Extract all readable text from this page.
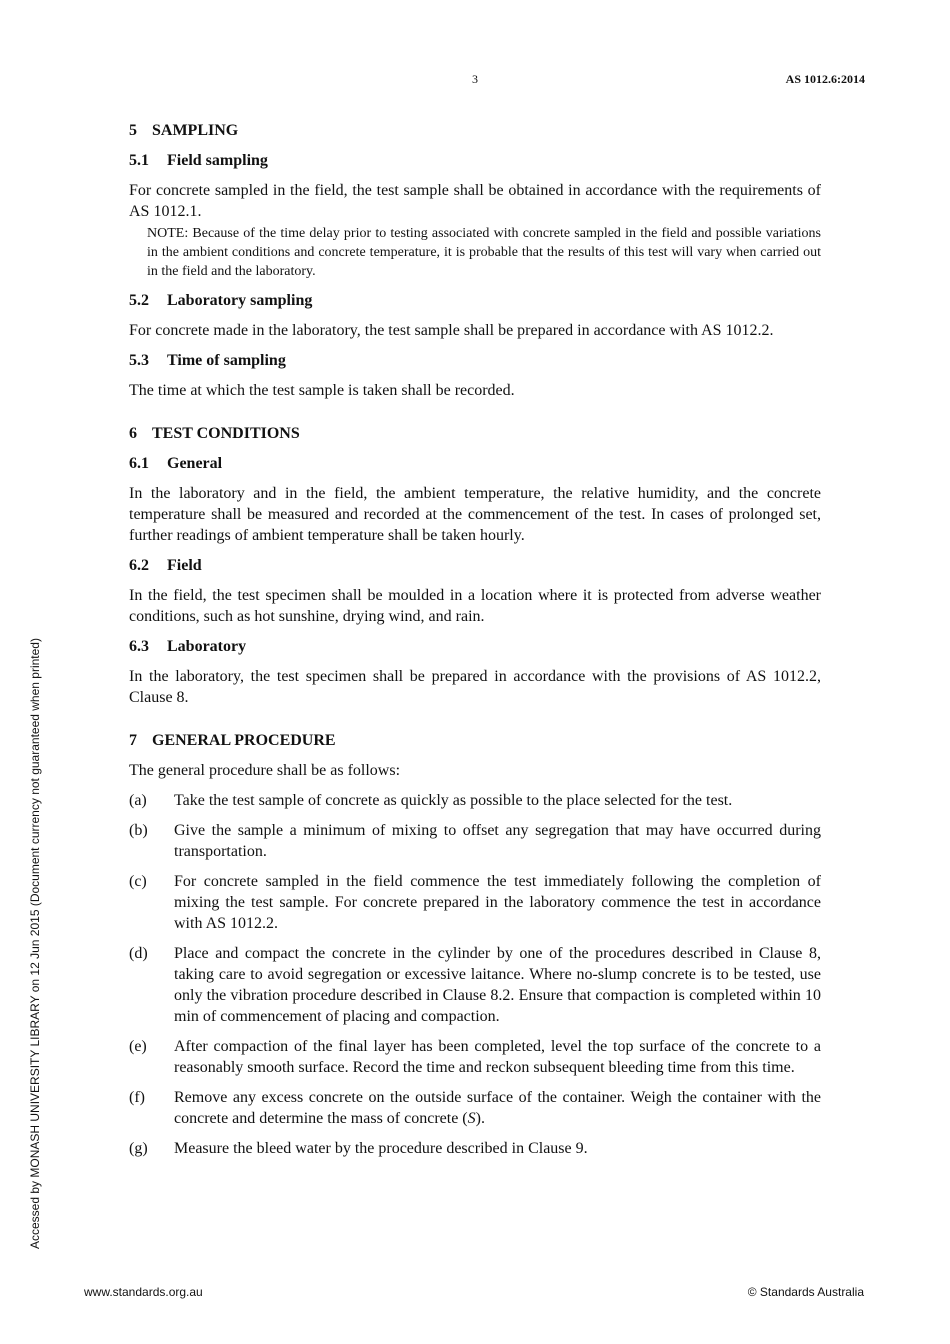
3	AS 1012.6:2014
5 SAMPLING
5.1 Field sampling

For concrete sampled in the field, the test sample shall be obtained in accordance with the requirements of AS 1012.1.

NOTE: Because of the time delay prior to testing associated with concrete sampled in the field and possible variations in the ambient conditions and concrete temperature, it is probable that the results of this test will vary when carried out in the field and the laboratory.

5.2 Laboratory sampling

For concrete made in the laboratory, the test sample shall be prepared in accordance with AS 1012.2.

5.3 Time of sampling

The time at which the test sample is taken shall be recorded.

6 TEST CONDITIONS
6.1 General

In the laboratory and in the field, the ambient temperature, the relative humidity, and the concrete temperature shall be measured and recorded at the commencement of the test. In cases of prolonged set, further readings of ambient temperature shall be taken hourly.

6.2 Field

In the field, the test specimen shall be moulded in a location where it is protected from adverse weather conditions, such as hot sunshine, drying wind, and rain.

6.3 Laboratory

In the laboratory, the test specimen shall be prepared in accordance with the provisions of AS 1012.2, Clause 8.

7 GENERAL PROCEDURE

The general procedure shall be as follows:

(a)	Take the test sample of concrete as quickly as possible to the place selected for the test.
(b)	Give the sample a minimum of mixing to offset any segregation that may have occurred during transportation.
(c)	For concrete sampled in the field commence the test immediately following the completion of mixing the test sample. For concrete prepared in the laboratory commence the test in accordance with AS 1012.2.
(d)	Place and compact the concrete in the cylinder by one of the procedures described in Clause 8, taking care to avoid segregation or excessive laitance. Where no-slump concrete is to be tested, use only the vibration procedure described in Clause 8.2. Ensure that compaction is completed within 10 min of commencement of placing and compaction.
(e)	After compaction of the final layer has been completed, level the top surface of the concrete to a reasonably smooth surface. Record the time and reckon subsequent bleeding time from this time.
(f)	Remove any excess concrete on the outside surface of the container. Weigh the container with the concrete and determine the mass of concrete (S).
(g)	Measure the bleed water by the procedure described in Clause 9.
Accessed by MONASH UNIVERSITY LIBRARY on 12 Jun 2015 (Document currency not guaranteed when printed)
www.standards.org.au	© Standards Australia
